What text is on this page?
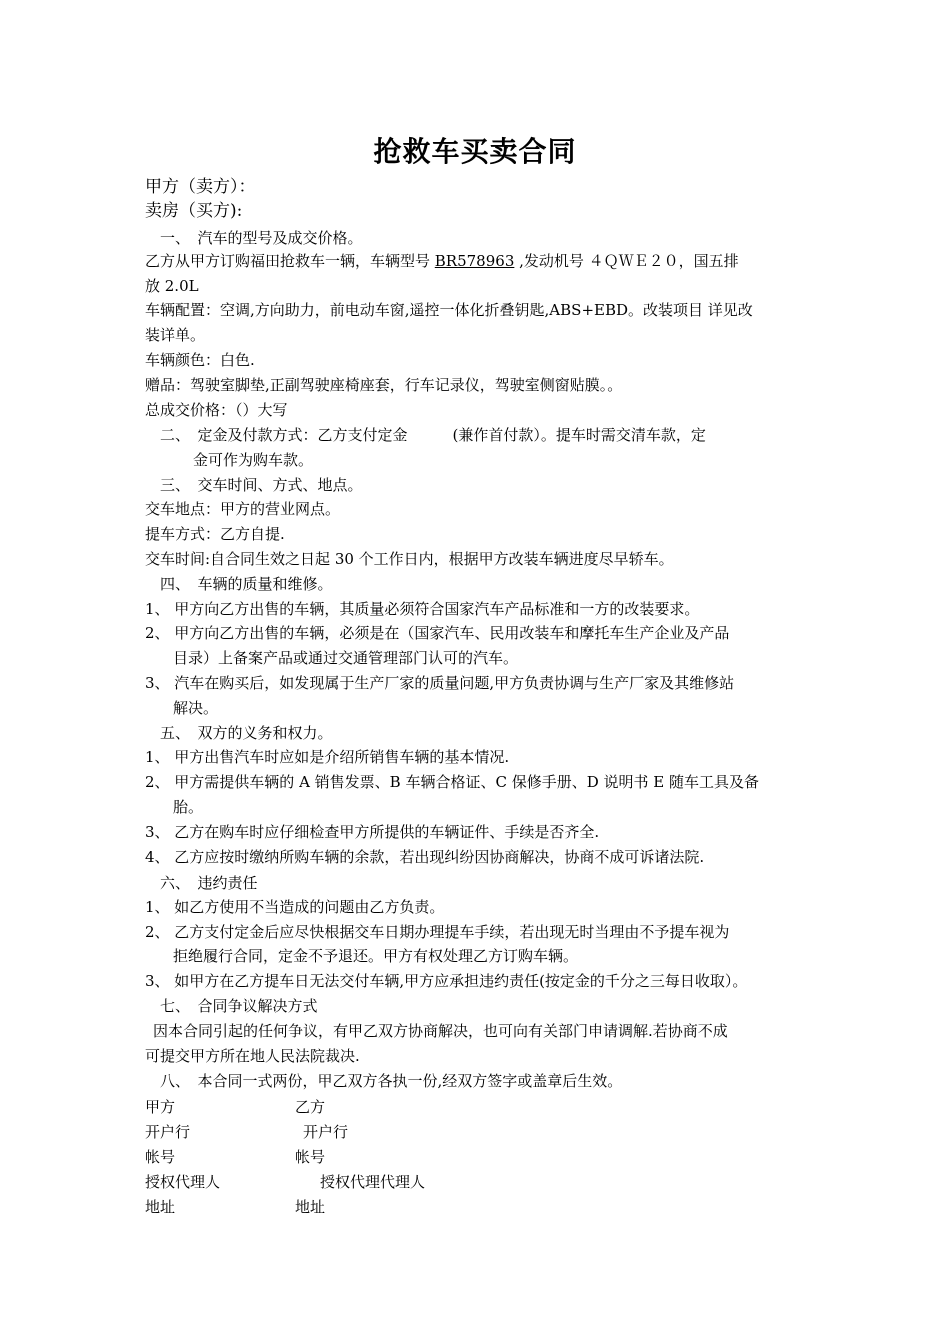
抢救车买卖合同
甲方（卖方）：
卖房（买方):
一、　汽车的型号及成交价格。
乙方从甲方订购福田抢救车一辆，车辆型号 BR578963 ,发动机号 ４ＱＷＥ２０，国五排
放 2.0L
车辆配置：空调,方向助力，前电动车窗,遥控一体化折叠钥匙,ABS+EBD。改装项目 详见改
装详单。
车辆颜色：白色.
赠品：驾驶室脚垫,正副驾驶座椅座套，行车记录仪，驾驶室侧窗贴膜。。
总成交价格：（）大写
二、　定金及付款方式：乙方支付定金　　　(兼作首付款）。提车时需交清车款，定
金可作为购车款。
三、　交车时间、方式、地点。
交车地点：甲方的营业网点。
提车方式：乙方自提.
交车时间:自合同生效之日起 30 个工作日内，根据甲方改装车辆进度尽早轿车。
四、　车辆的质量和维修。
1、 甲方向乙方出售的车辆，其质量必须符合国家汽车产品标准和一方的改装要求。
2、 甲方向乙方出售的车辆，必须是在（国家汽车、民用改装车和摩托车生产企业及产品
目录）上备案产品或通过交通管理部门认可的汽车。
3、 汽车在购买后，如发现属于生产厂家的质量问题,甲方负责协调与生产厂家及其维修站
解决。
五、　双方的义务和权力。
1、 甲方出售汽车时应如是介绍所销售车辆的基本情况.
2、 甲方需提供车辆的 A 销售发票、B 车辆合格证、C 保修手册、D 说明书 E 随车工具及备
胎。
3、 乙方在购车时应仔细检查甲方所提供的车辆证件、手续是否齐全.
4、 乙方应按时缴纳所购车辆的余款，若出现纠纷因协商解决，协商不成可诉诸法院.
六、　违约责任
1、 如乙方使用不当造成的问题由乙方负责。
2、 乙方支付定金后应尽快根据交车日期办理提车手续，若出现无时当理由不予提车视为
拒绝履行合同，定金不予退还。甲方有权处理乙方订购车辆。
3、 如甲方在乙方提车日无法交付车辆,甲方应承担违约责任(按定金的千分之三每日收取）。
七、　合同争议解决方式
因本合同引起的任何争议，有甲乙双方协商解决，也可向有关部门申请调解.若协商不成
可提交甲方所在地人民法院裁决.
八、　本合同一式两份，甲乙双方各执一份,经双方签字或盖章后生效。
甲方	乙方
开户行	开户行
帐号	帐号
授权代理人	授权代理代理人
地址	地址
